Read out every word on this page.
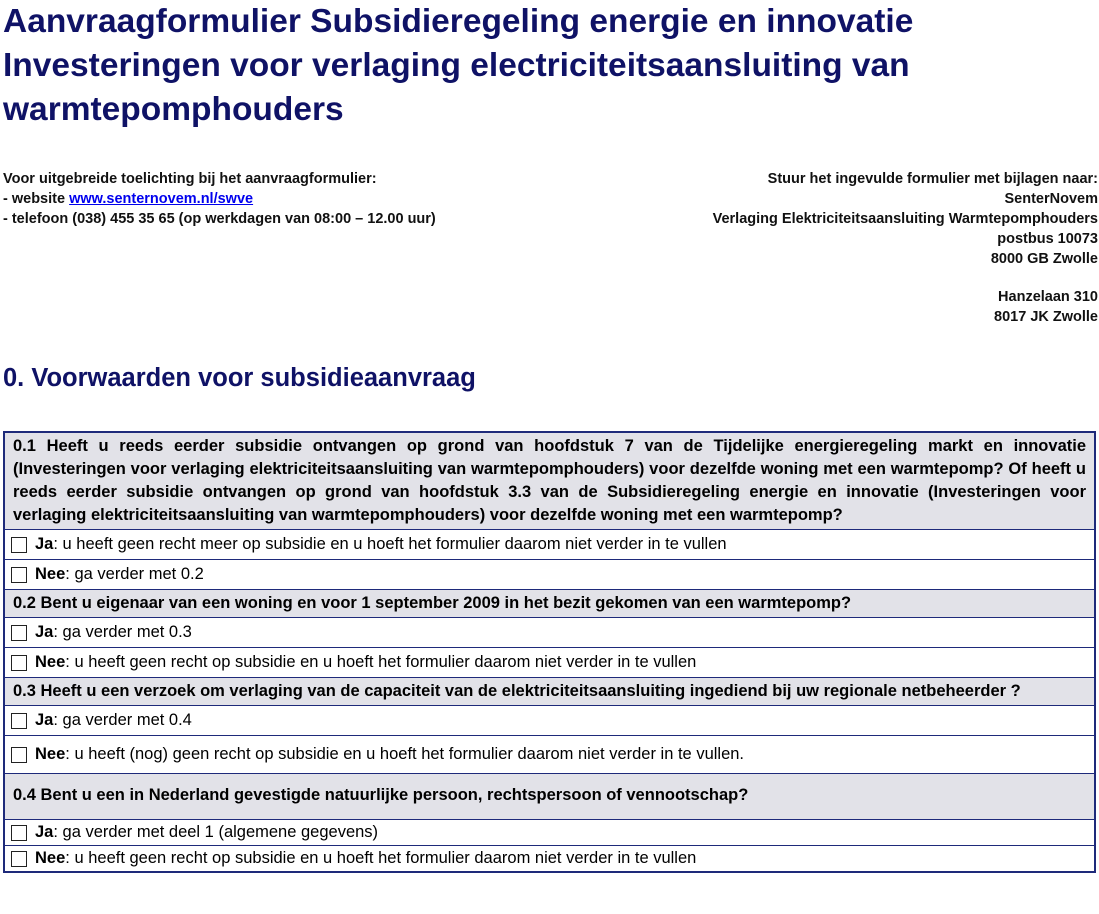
Aanvraagformulier Subsidieregeling energie en innovatie
Investeringen voor verlaging electriciteitsaansluiting van
warmtepomphouders
Voor uitgebreide toelichting bij het aanvraagformulier:
- website www.senternovem.nl/swve
- telefoon (038) 455 35 65 (op werkdagen van 08:00 – 12.00 uur)
Stuur het ingevulde formulier met bijlagen naar:
SenterNovem
Verlaging Elektriciteitsaansluiting Warmtepomphouders
postbus 10073
8000 GB Zwolle
Hanzelaan 310
8017 JK Zwolle
0. Voorwaarden voor subsidieaanvraag
0.1 Heeft u reeds eerder subsidie ontvangen op grond van hoofdstuk 7 van de Tijdelijke energieregeling markt en innovatie (Investeringen voor verlaging elektriciteitsaansluiting van warmtepomphouders) voor dezelfde woning met een warmtepomp? Of heeft u reeds eerder subsidie ontvangen op grond van hoofdstuk 3.3 van de Subsidieregeling energie en innovatie (Investeringen voor verlaging elektriciteitsaansluiting van warmtepomphouders) voor dezelfde woning met een warmtepomp?
Ja : u heeft geen recht meer op subsidie en u hoeft het formulier daarom niet verder in te vullen
Nee : ga verder met 0.2
0.2 Bent u eigenaar van een woning en voor 1 september 2009 in het bezit gekomen van een warmtepomp?
Ja : ga verder met 0.3
Nee : u heeft geen recht op subsidie en u hoeft het formulier daarom niet verder in te vullen
0.3 Heeft u een verzoek om verlaging van de capaciteit van de elektriciteitsaansluiting ingediend bij uw regionale netbeheerder ?
Ja : ga verder met 0.4
Nee : u heeft (nog) geen recht op subsidie en u hoeft het formulier daarom niet verder in te vullen.
0.4 Bent u een in Nederland gevestigde natuurlijke persoon, rechtspersoon of vennootschap?
Ja : ga verder met deel 1 (algemene gegevens)
Nee : u heeft geen recht op subsidie en u hoeft het formulier daarom niet verder in te vullen
